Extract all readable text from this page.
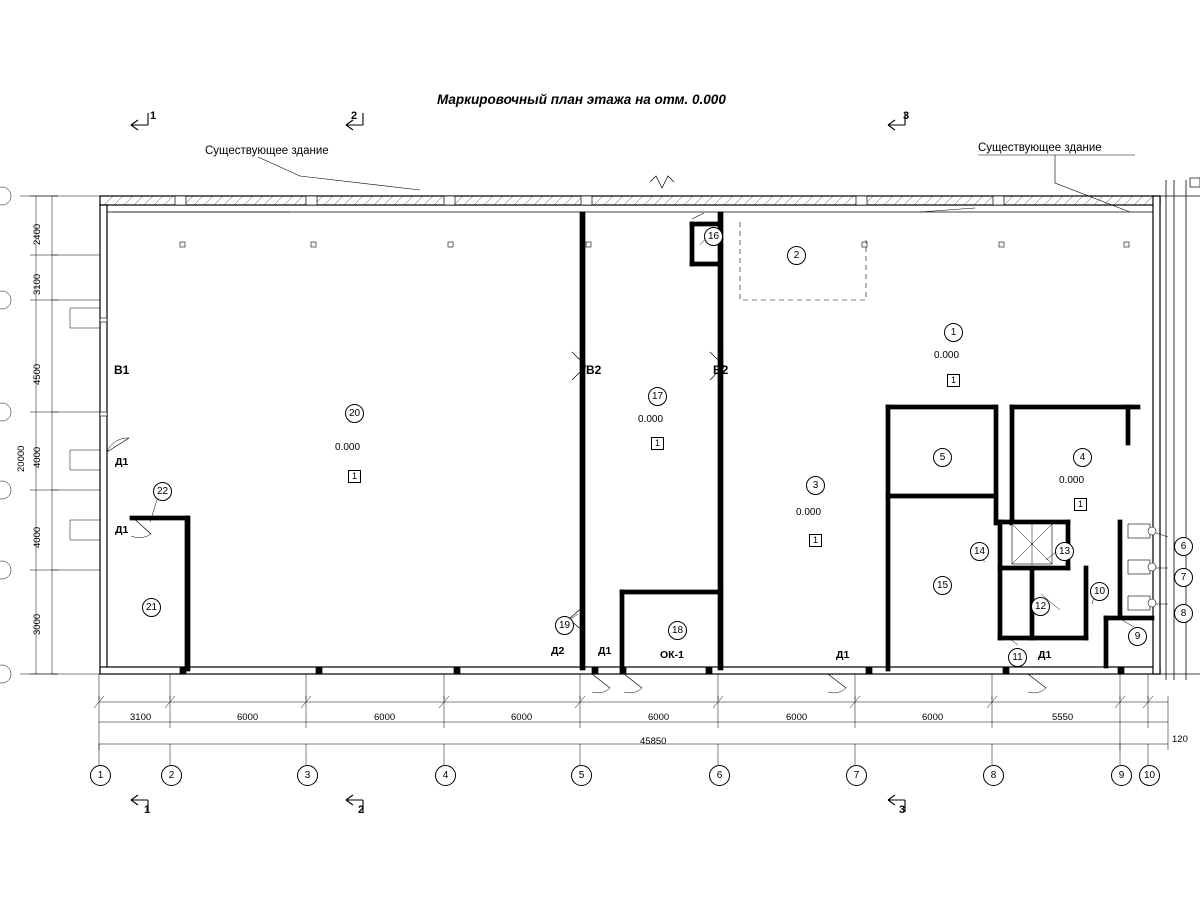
Маркировочный план этажа на отм. 0.000
Существующее здание	Существующее здание
1	2	3
1	2	3
В1	В2	В2
Д1
Д1
Д2	Д1	ОК-1	Д1	Д1
20
0.000
1
21
22
19	18
17
0.000
1
16
3
0.000
1
2
1
0.000
1
4
0.000
1
5
15
14	13
12
11
10
9
6
7
8
1	2	3	4	5	6	7	8	9	10
3100	6000	6000	6000	6000	6000	6000	5550
120
45850
2400
3100
4500
4000
20000
4000
3000
